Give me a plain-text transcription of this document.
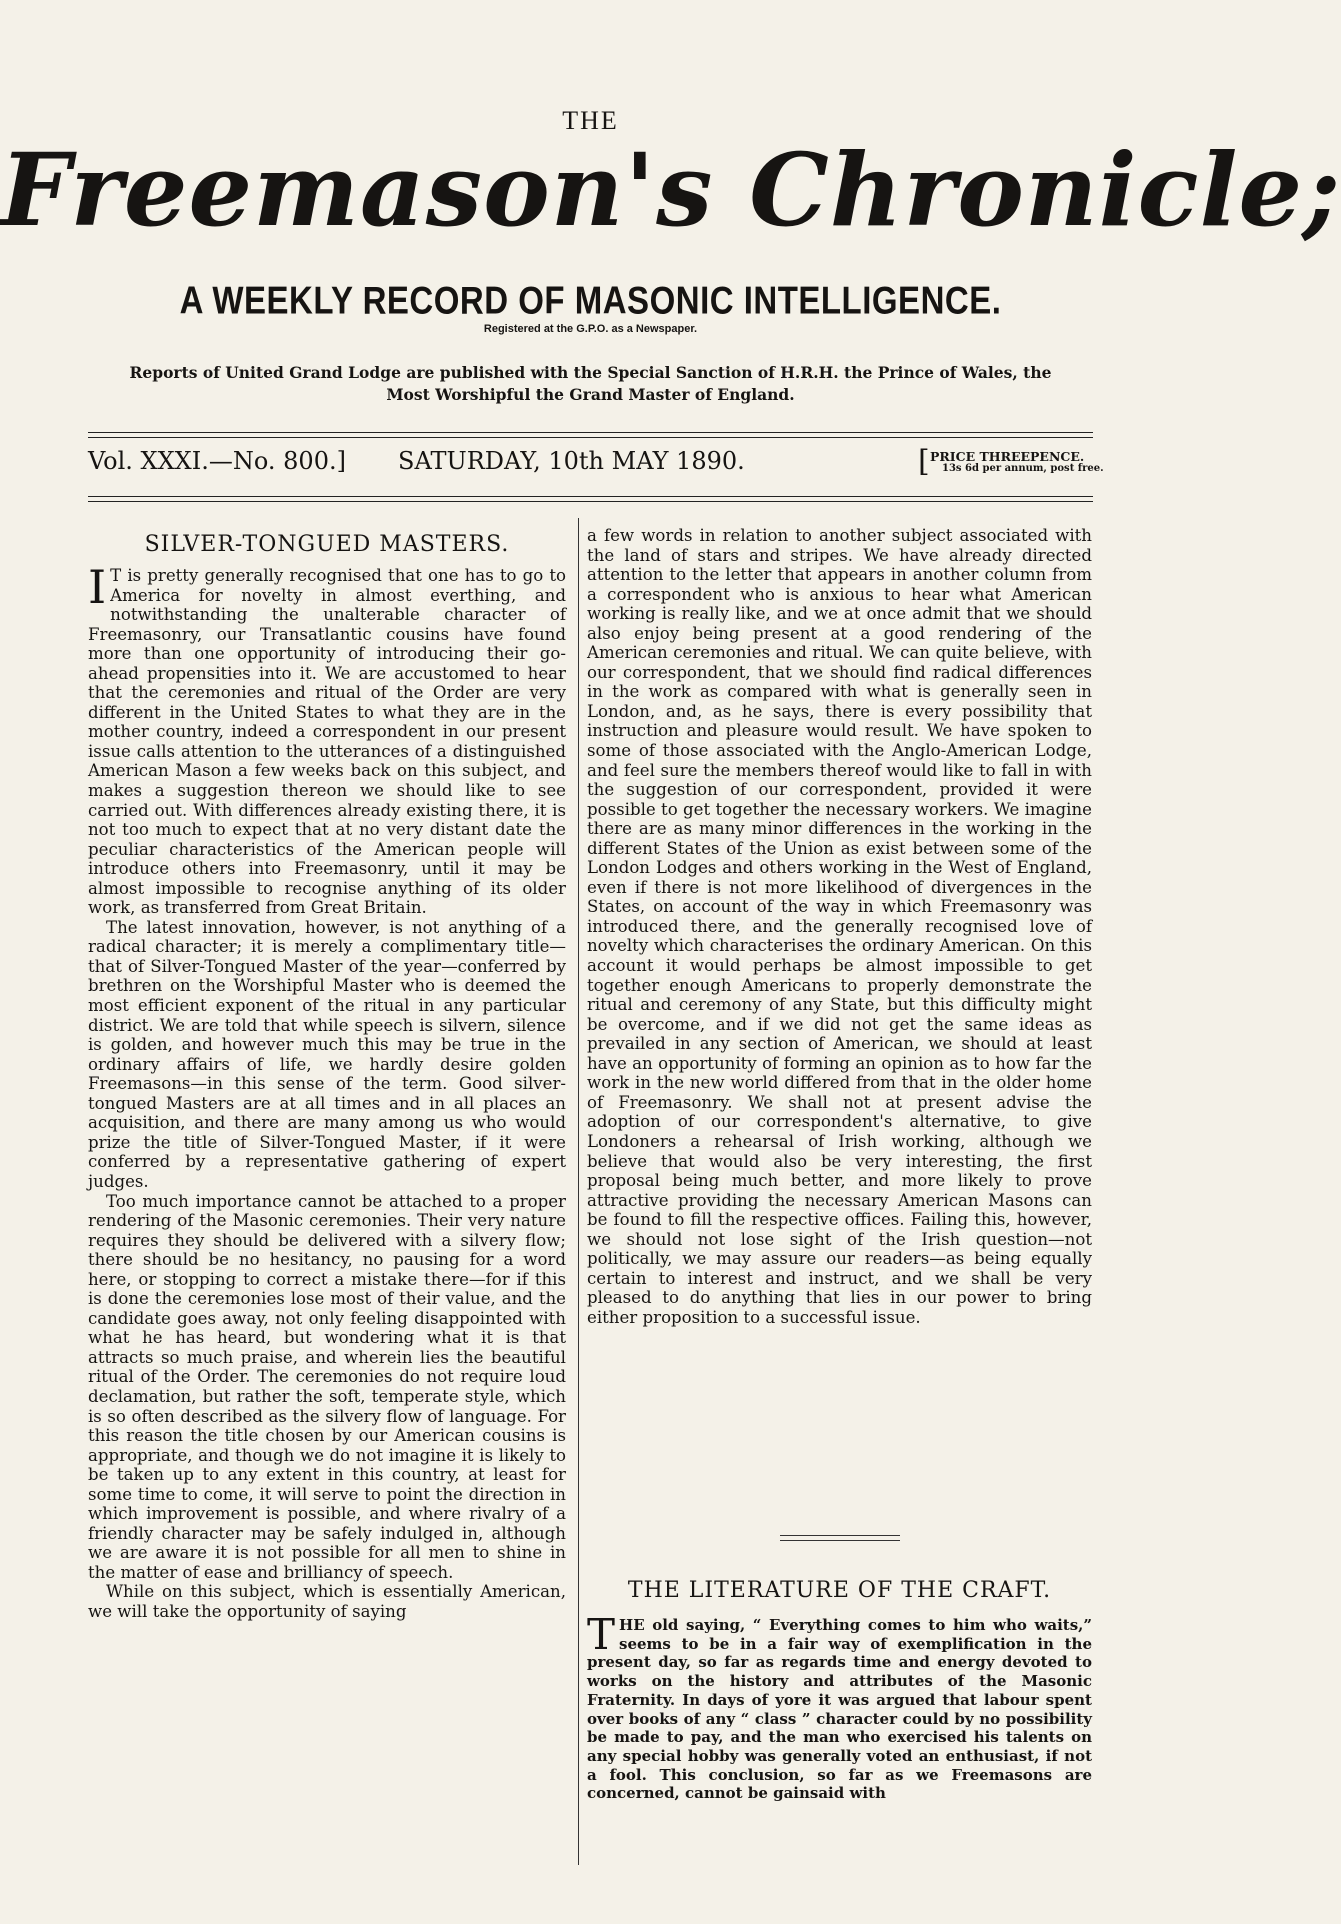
THE
Freemason's Chronicle;
A WEEKLY RECORD OF MASONIC INTELLIGENCE.
Registered at the G.P.O. as a Newspaper.
Reports of United Grand Lodge are published with the Special Sanction of H.R.H. the Prince of Wales, the Most Worshipful the Grand Master of England.
Vol. XXXI.—No. 800.] SATURDAY, 10th MAY 1890.	[ PRICE THREEPENCE.
13s 6d per annum, post free.
SILVER-TONGUED MASTERS.

I T is pretty generally recognised that one has to go to America for novelty in almost everthing, and notwithstanding the unalterable character of Freemasonry, our Transatlantic cousins have found more than one opportunity of introducing their go-ahead propensities into it. We are accustomed to hear that the ceremonies and ritual of the Order are very different in the United States to what they are in the mother country, indeed a correspondent in our present issue calls attention to the utterances of a distinguished American Mason a few weeks back on this subject, and makes a suggestion thereon we should like to see carried out. With differences already existing there, it is not too much to expect that at no very distant date the peculiar characteristics of the American people will introduce others into Freemasonry, until it may be almost impossible to recognise anything of its older work, as transferred from Great Britain.

The latest innovation, however, is not anything of a radical character; it is merely a complimentary title—that of Silver-Tongued Master of the year—conferred by brethren on the Worshipful Master who is deemed the most efficient exponent of the ritual in any particular district. We are told that while speech is silvern, silence is golden, and however much this may be true in the ordinary affairs of life, we hardly desire golden Freemasons—in this sense of the term. Good silver-tongued Masters are at all times and in all places an acquisition, and there are many among us who would prize the title of Silver-Tongued Master, if it were conferred by a representative gathering of expert judges.

Too much importance cannot be attached to a proper rendering of the Masonic ceremonies. Their very nature requires they should be delivered with a silvery flow; there should be no hesitancy, no pausing for a word here, or stopping to correct a mistake there—for if this is done the ceremonies lose most of their value, and the candidate goes away, not only feeling disappointed with what he has heard, but wondering what it is that attracts so much praise, and wherein lies the beautiful ritual of the Order. The ceremonies do not require loud declamation, but rather the soft, temperate style, which is so often described as the silvery flow of language. For this reason the title chosen by our American cousins is appropriate, and though we do not imagine it is likely to be taken up to any extent in this country, at least for some time to come, it will serve to point the direction in which improvement is possible, and where rivalry of a friendly character may be safely indulged in, although we are aware it is not possible for all men to shine in the matter of ease and brilliancy of speech.

While on this subject, which is essentially American, we will take the opportunity of saying

a few words in relation to another subject associated with the land of stars and stripes. We have already directed attention to the letter that appears in another column from a correspondent who is anxious to hear what American working is really like, and we at once admit that we should also enjoy being present at a good rendering of the American ceremonies and ritual. We can quite believe, with our correspondent, that we should find radical differences in the work as compared with what is generally seen in London, and, as he says, there is every possibility that instruction and pleasure would result. We have spoken to some of those associated with the Anglo-American Lodge, and feel sure the members thereof would like to fall in with the suggestion of our correspondent, provided it were possible to get together the necessary workers. We imagine there are as many minor differences in the working in the different States of the Union as exist between some of the London Lodges and others working in the West of England, even if there is not more likelihood of divergences in the States, on account of the way in which Freemasonry was introduced there, and the generally recognised love of novelty which characterises the ordinary American. On this account it would perhaps be almost impossible to get together enough Americans to properly demonstrate the ritual and ceremony of any State, but this difficulty might be overcome, and if we did not get the same ideas as prevailed in any section of American, we should at least have an opportunity of forming an opinion as to how far the work in the new world differed from that in the older home of Freemasonry. We shall not at present advise the adoption of our correspondent's alternative, to give Londoners a rehearsal of Irish working, although we believe that would also be very interesting, the first proposal being much better, and more likely to prove attractive providing the necessary American Masons can be found to fill the respective offices. Failing this, however, we should not lose sight of the Irish question—not politically, we may assure our readers—as being equally certain to interest and instruct, and we shall be very pleased to do anything that lies in our power to bring either proposition to a successful issue.

THE LITERATURE OF THE CRAFT.

THE old saying, “ Everything comes to him who waits,” seems to be in a fair way of exemplification in the present day, so far as regards time and energy devoted to works on the history and attributes of the Masonic Fraternity. In days of yore it was argued that labour spent over books of any “ class ” character could by no possibility be made to pay, and the man who exercised his talents on any special hobby was generally voted an enthusiast, if not a fool. This conclusion, so far as we Freemasons are concerned, cannot be gainsaid with
